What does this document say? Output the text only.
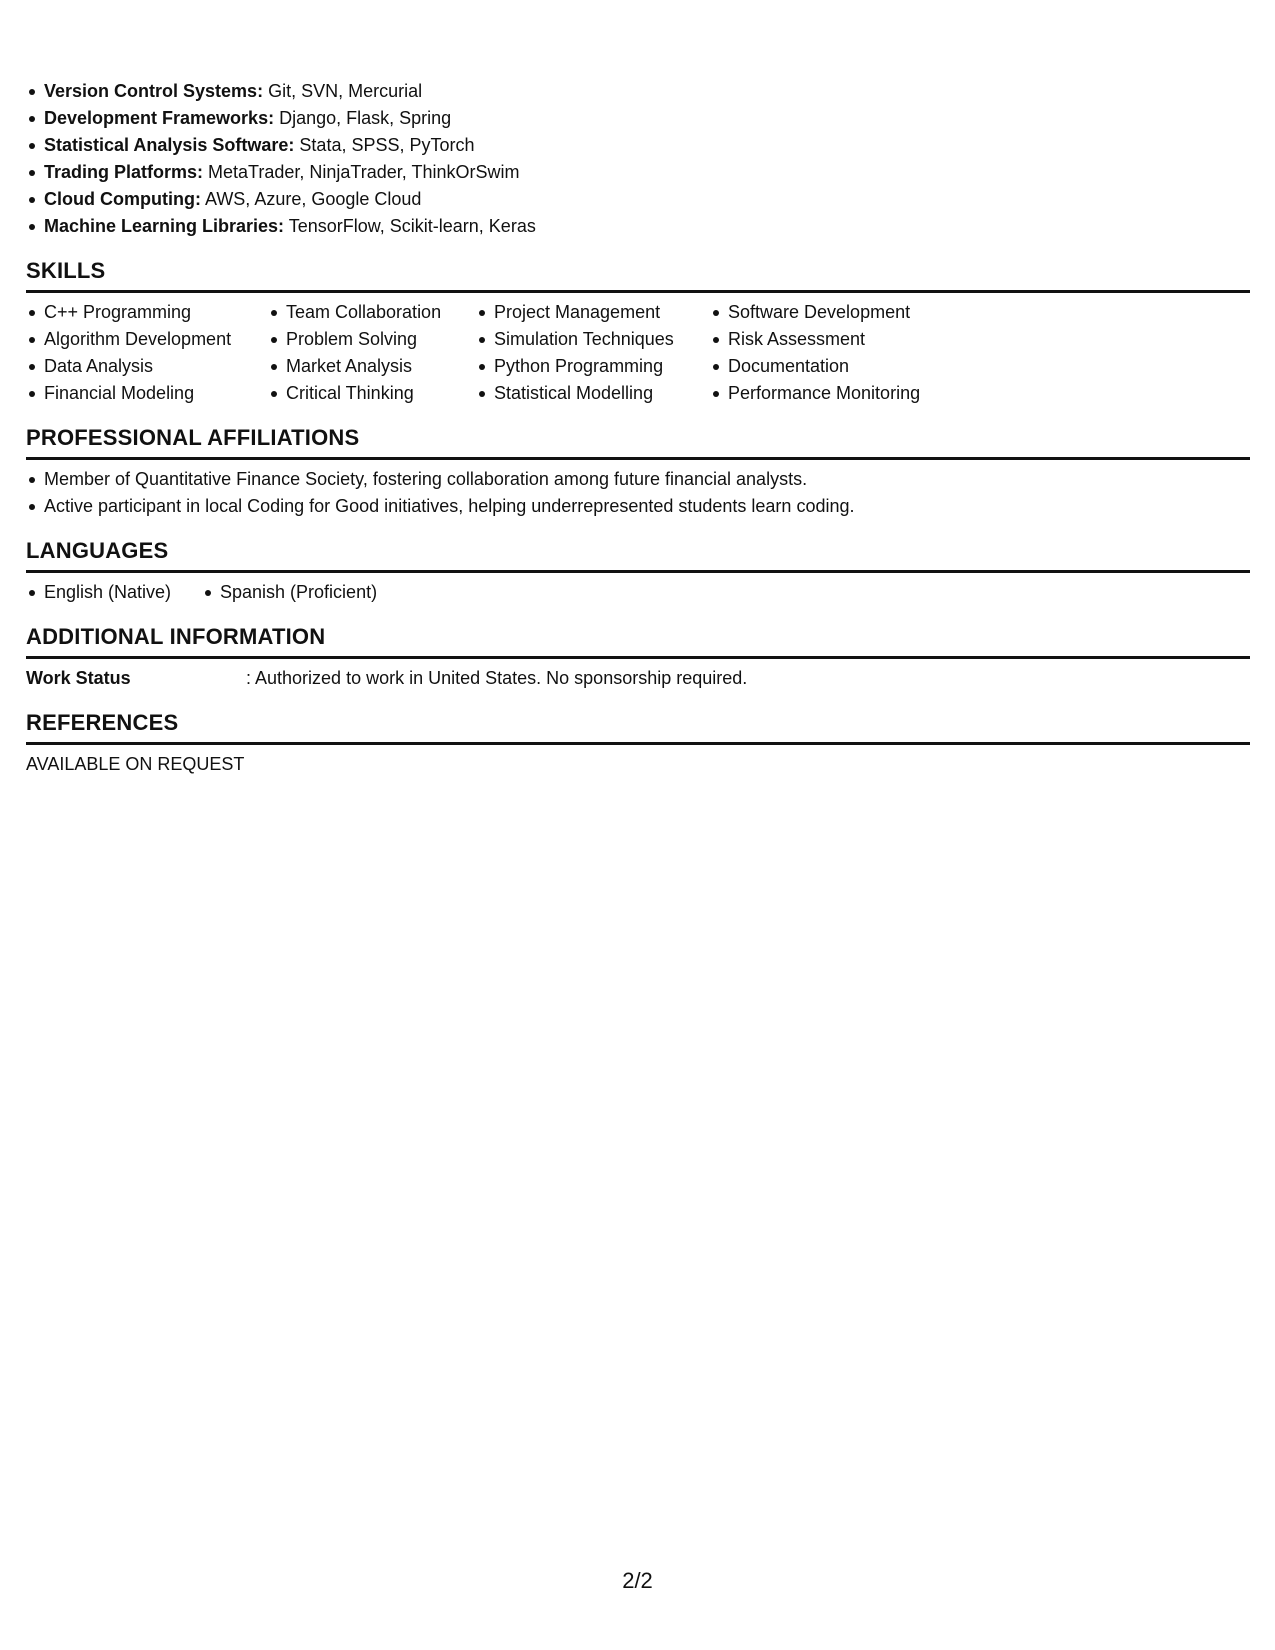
Version Control Systems: Git, SVN, Mercurial
Development Frameworks: Django, Flask, Spring
Statistical Analysis Software: Stata, SPSS, PyTorch
Trading Platforms: MetaTrader, NinjaTrader, ThinkOrSwim
Cloud Computing: AWS, Azure, Google Cloud
Machine Learning Libraries: TensorFlow, Scikit-learn, Keras
SKILLS
C++ Programming
Algorithm Development
Data Analysis
Financial Modeling
Team Collaboration
Problem Solving
Market Analysis
Critical Thinking
Project Management
Simulation Techniques
Python Programming
Statistical Modelling
Software Development
Risk Assessment
Documentation
Performance Monitoring
PROFESSIONAL AFFILIATIONS
Member of Quantitative Finance Society, fostering collaboration among future financial analysts.
Active participant in local Coding for Good initiatives, helping underrepresented students learn coding.
LANGUAGES
English (Native)	Spanish (Proficient)
ADDITIONAL INFORMATION
Work Status	: Authorized to work in United States. No sponsorship required.
REFERENCES
AVAILABLE ON REQUEST
2/2
